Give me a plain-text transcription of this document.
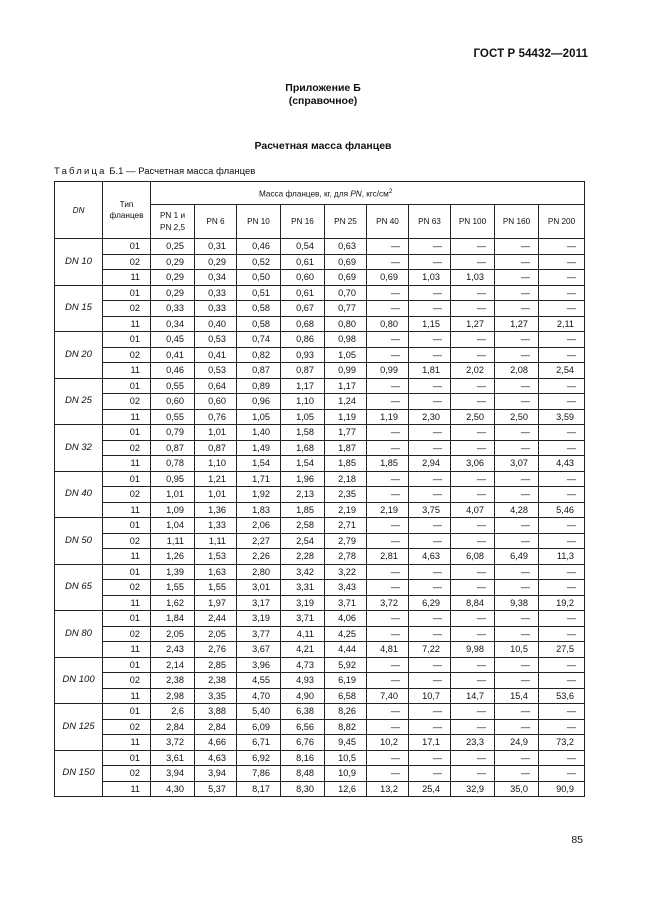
ГОСТ Р 54432—2011
Приложение Б
(справочное)
Расчетная масса фланцев
Таблица Б.1 — Расчетная масса фланцев
DN	Тип фланцев	Масса фланцев, кг, для PN, кгс/$см^2$
		PN 1 и
PN 2,5	PN 6	PN 10	PN 16	PN 25	PN 40	PN 63	PN 100	PN 160	PN 200
DN 10	01	0,25	0,31	0,46	0,54	0,63	—	—	—	—	—
	02	0,29	0,29	0,52	0,61	0,69	—	—	—	—	—
	11	0,29	0,34	0,50	0,60	0,69	0,69	1,03	1,03	—	—
DN 15	01	0,29	0,33	0,51	0,61	0,70	—	—	—	—	—
	02	0,33	0,33	0,58	0,67	0,77	—	—	—	—	—
	11	0,34	0,40	0,58	0,68	0,80	0,80	1,15	1,27	1,27	2,11
DN 20	01	0,45	0,53	0,74	0,86	0,98	—	—	—	—	—
	02	0,41	0,41	0,82	0,93	1,05	—	—	—	—	—
	11	0,46	0,53	0,87	0,87	0,99	0,99	1,81	2,02	2,08	2,54
DN 25	01	0,55	0,64	0,89	1,17	1,17	—	—	—	—	—
	02	0,60	0,60	0,96	1,10	1,24	—	—	—	—	—
	11	0,55	0,76	1,05	1,05	1,19	1,19	2,30	2,50	2,50	3,59
DN 32	01	0,79	1,01	1,40	1,58	1,77	—	—	—	—	—
	02	0,87	0,87	1,49	1,68	1,87	—	—	—	—	—
	11	0,78	1,10	1,54	1,54	1,85	1,85	2,94	3,06	3,07	4,43
DN 40	01	0,95	1,21	1,71	1,96	2,18	—	—	—	—	—
	02	1,01	1,01	1,92	2,13	2,35	—	—	—	—	—
	11	1,09	1,36	1,83	1,85	2,19	2,19	3,75	4,07	4,28	5,46
DN 50	01	1,04	1,33	2,06	2,58	2,71	—	—	—	—	—
	02	1,11	1,11	2,27	2,54	2,79	—	—	—	—	—
	11	1,26	1,53	2,26	2,28	2,78	2,81	4,63	6,08	6,49	11,3
DN 65	01	1,39	1,63	2,80	3,42	3,22	—	—	—	—	—
	02	1,55	1,55	3,01	3,31	3,43	—	—	—	—	—
	11	1,62	1,97	3,17	3,19	3,71	3,72	6,29	8,84	9,38	19,2
DN 80	01	1,84	2,44	3,19	3,71	4,06	—	—	—	—	—
	02	2,05	2,05	3,77	4,11	4,25	—	—	—	—	—
	11	2,43	2,76	3,67	4,21	4,44	4,81	7,22	9,98	10,5	27,5
DN 100	01	2,14	2,85	3,96	4,73	5,92	—	—	—	—	—
	02	2,38	2,38	4,55	4,93	6,19	—	—	—	—	—
	11	2,98	3,35	4,70	4,90	6,58	7,40	10,7	14,7	15,4	53,6
DN 125	01	2,6	3,88	5,40	6,38	8,26	—	—	—	—	—
	02	2,84	2,84	6,09	6,56	8,82	—	—	—	—	—
	11	3,72	4,66	6,71	6,76	9,45	10,2	17,1	23,3	24,9	73,2
DN 150	01	3,61	4,63	6,92	8,16	10,5	—	—	—	—	—
	02	3,94	3,94	7,86	8,48	10,9	—	—	—	—	—
	11	4,30	5,37	8,17	8,30	12,6	13,2	25,4	32,9	35,0	90,9
85
